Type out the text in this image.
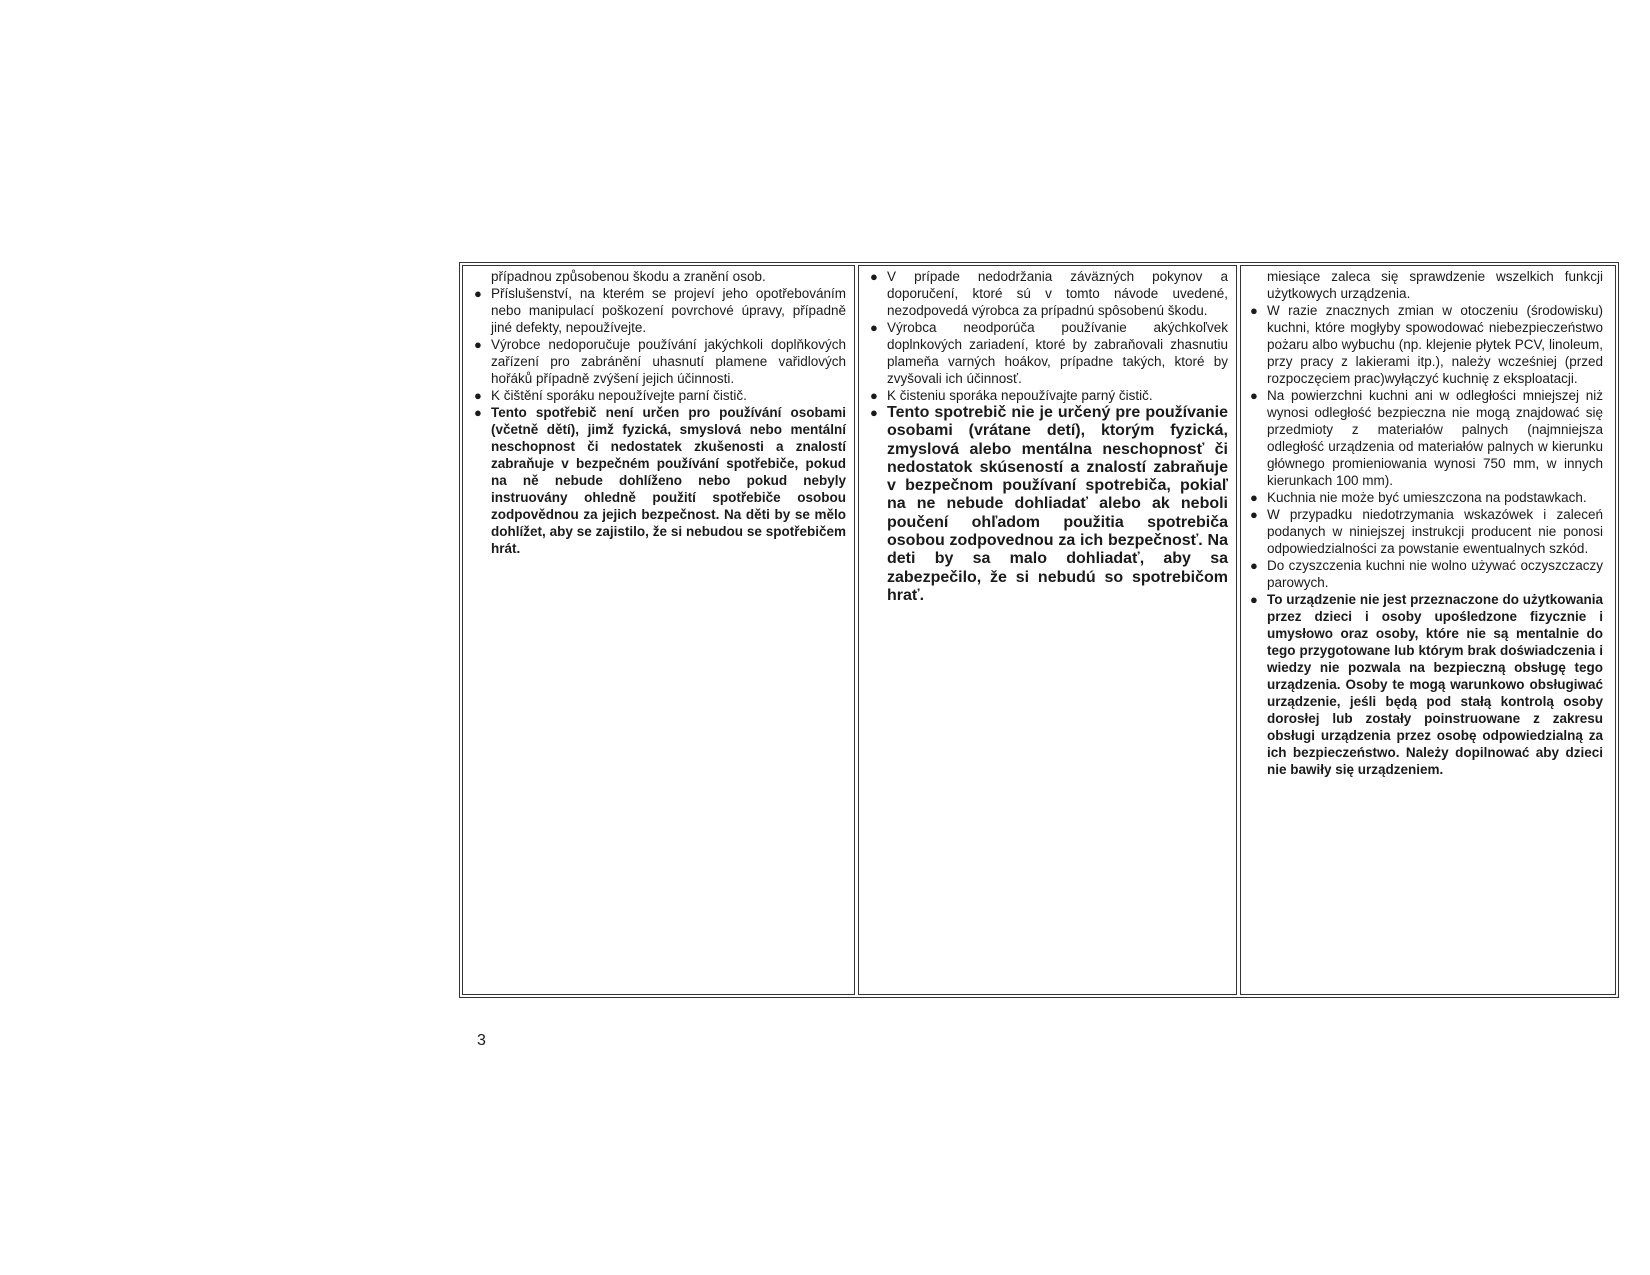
případnou způsobenou škodu a zranění osob.
● Příslušenství, na kterém se projeví jeho opotřebováním nebo manipulací poškození povrchové úpravy, případně jiné defekty, nepoužívejte.
● Výrobce nedoporučuje používání jakýchkoli doplňkových zařízení pro zabránění uhasnutí plamene vařidlových hořáků případně zvýšení jejich účinnosti.
● K čištění sporáku nepoužívejte parní čistič.
● Tento spotřebič není určen pro používání osobami (včetně dětí), jimž fyzická, smyslová nebo mentální neschopnost či nedostatek zkušenosti a znalostí zabraňuje v bezpečném používání spotřebiče, pokud na ně nebude dohlíženo nebo pokud nebyly instruovány ohledně použití spotřebiče osobou zodpovědnou za jejich bezpečnost. Na děti by se mělo dohlížet, aby se zajistilo, že si nebudou se spotřebičem hrát.
● V prípade nedodržania záväzných pokynov a doporučení, ktoré sú v tomto návode uvedené, nezodpovedá výrobca za prípadnú spôsobenú škodu.
● Výrobca neodporúča používanie akýchkoľvek doplnkových zariadení, ktoré by zabraňovali zhasnutiu plameňa varných hoákov, prípadne takých, ktoré by zvyšovali ich účinnosť.
● K čisteniu sporáka nepoužívajte parný čistič.
● Tento spotrebič nie je určený pre používanie osobami (vrátane detí), ktorým fyzická, zmyslová alebo mentálna neschopnosť či nedostatok skúseností a znalostí zabraňuje v bezpečnom používaní spotrebiča, pokiaľ na ne nebude dohliadať alebo ak neboli poučení ohľadom použitia spotrebiča osobou zodpovednou za ich bezpečnosť. Na deti by sa malo dohliadať, aby sa zabezpečilo, že si nebudú so spotrebičom hrať.
miesiące zaleca się sprawdzenie wszelkich funkcji użytkowych urządzenia.
● W razie znacznych zmian w otoczeniu (środowisku) kuchni, które mogłyby spowodować niebezpieczeństwo pożaru albo wybuchu (np. klejenie płytek PCV, linoleum, przy pracy z lakierami itp.), należy wcześniej (przed rozpoczęciem prac)wyłączyć kuchnię z eksploatacji.
● Na powierzchni kuchni ani w odległości mniejszej niż wynosi odległość bezpieczna nie mogą znajdować się przedmioty z materiałów palnych (najmniejsza odległość urządzenia od materiałów palnych w kierunku głównego promieniowania wynosi 750 mm, w innych kierunkach 100 mm).
● Kuchnia nie może być umieszczona na podstawkach.
● W przypadku niedotrzymania wskazówek i zaleceń podanych w niniejszej instrukcji producent nie ponosi odpowiedzialności za powstanie ewentualnych szkód.
● Do czyszczenia kuchni nie wolno używać oczyszczaczy parowych.
● To urządzenie nie jest przeznaczone do użytkowania przez dzieci i osoby upośledzone fizycznie i umysłowo oraz osoby, które nie są mentalnie do tego przygotowane lub którym brak doświadczenia i wiedzy nie pozwala na bezpieczną obsługę tego urządzenia. Osoby te mogą warunkowo obsługiwać urządzenie, jeśli będą pod stałą kontrolą osoby dorosłej lub zostały poinstruowane z zakresu obsługi urządzenia przez osobę odpowiedzialną za ich bezpieczeństwo. Należy dopilnować aby dzieci nie bawiły się urządzeniem.
3
